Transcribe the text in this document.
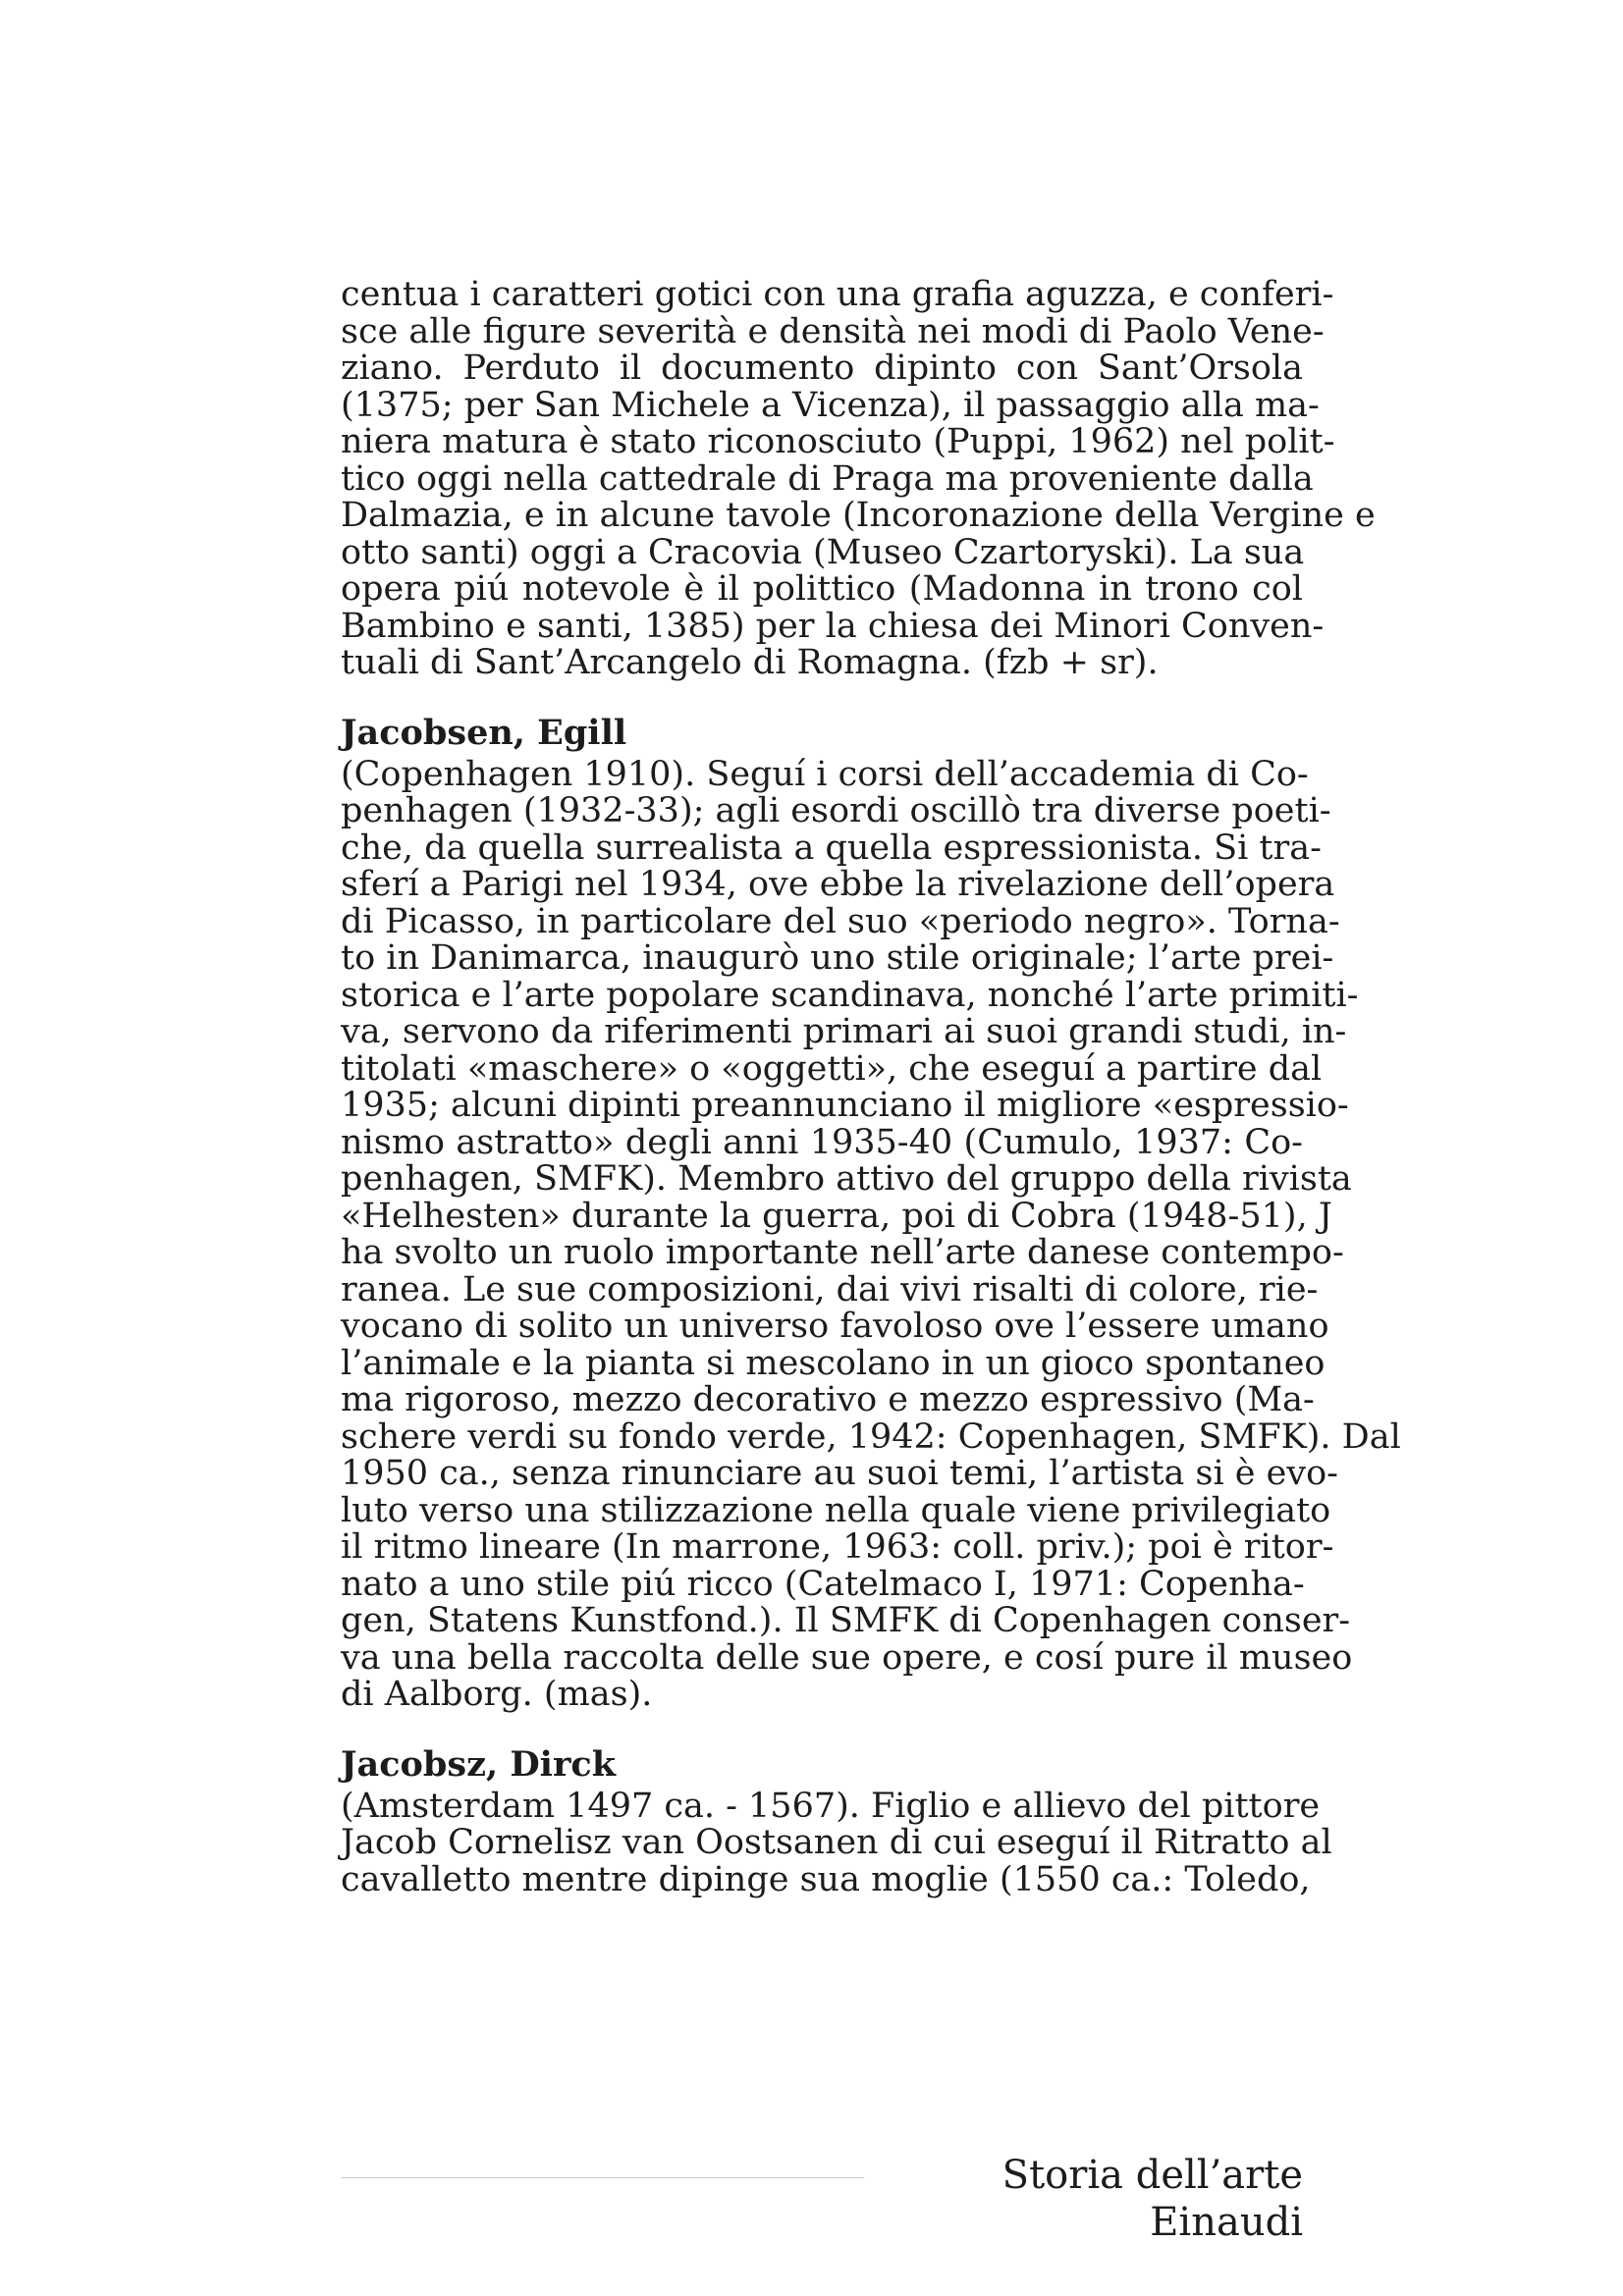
centua i caratteri gotici con una grafia aguzza, e conferi-
sce alle figure severità e densità nei modi di Paolo Vene-
ziano. Perduto il documento dipinto con Sant’Orsola
(1375; per San Michele a Vicenza), il passaggio alla ma-
niera matura è stato riconosciuto (Puppi, 1962) nel polit-
tico oggi nella cattedrale di Praga ma proveniente dalla
Dalmazia, e in alcune tavole (Incoronazione della Vergine e
otto santi) oggi a Cracovia (Museo Czartoryski). La sua
opera piú notevole è il polittico (Madonna in trono col
Bambino e santi, 1385) per la chiesa dei Minori Conven-
tuali di Sant’Arcangelo di Romagna. (fzb + sr).
Jacobsen, Egill
(Copenhagen 1910). Seguí i corsi dell’accademia di Co-
penhagen (1932-33); agli esordi oscillò tra diverse poeti-
che, da quella surrealista a quella espressionista. Si tra-
sferí a Parigi nel 1934, ove ebbe la rivelazione dell’opera
di Picasso, in particolare del suo «periodo negro». Torna-
to in Danimarca, inaugurò uno stile originale; l’arte prei-
storica e l’arte popolare scandinava, nonché l’arte primiti-
va, servono da riferimenti primari ai suoi grandi studi, in-
titolati «maschere» o «oggetti», che eseguí a partire dal
1935; alcuni dipinti preannunciano il migliore «espressio-
nismo astratto» degli anni 1935-40 (Cumulo, 1937: Co-
penhagen, SMFK). Membro attivo del gruppo della rivista
«Helhesten» durante la guerra, poi di Cobra (1948-51), J
ha svolto un ruolo importante nell’arte danese contempo-
ranea. Le sue composizioni, dai vivi risalti di colore, rie-
vocano di solito un universo favoloso ove l’essere umano
l’animale e la pianta si mescolano in un gioco spontaneo
ma rigoroso, mezzo decorativo e mezzo espressivo (Ma-
schere verdi su fondo verde, 1942: Copenhagen, SMFK). Dal
1950 ca., senza rinunciare au suoi temi, l’artista si è evo-
luto verso una stilizzazione nella quale viene privilegiato
il ritmo lineare (In marrone, 1963: coll. priv.); poi è ritor-
nato a uno stile piú ricco (Catelmaco I, 1971: Copenha-
gen, Statens Kunstfond.). Il SMFK di Copenhagen conser-
va una bella raccolta delle sue opere, e cosí pure il museo
di Aalborg. (mas).
Jacobsz, Dirck
(Amsterdam 1497 ca. - 1567). Figlio e allievo del pittore
Jacob Cornelisz van Oostsanen di cui eseguí il Ritratto al
cavalletto mentre dipinge sua moglie (1550 ca.: Toledo,
Storia dell’arte Einaudi
